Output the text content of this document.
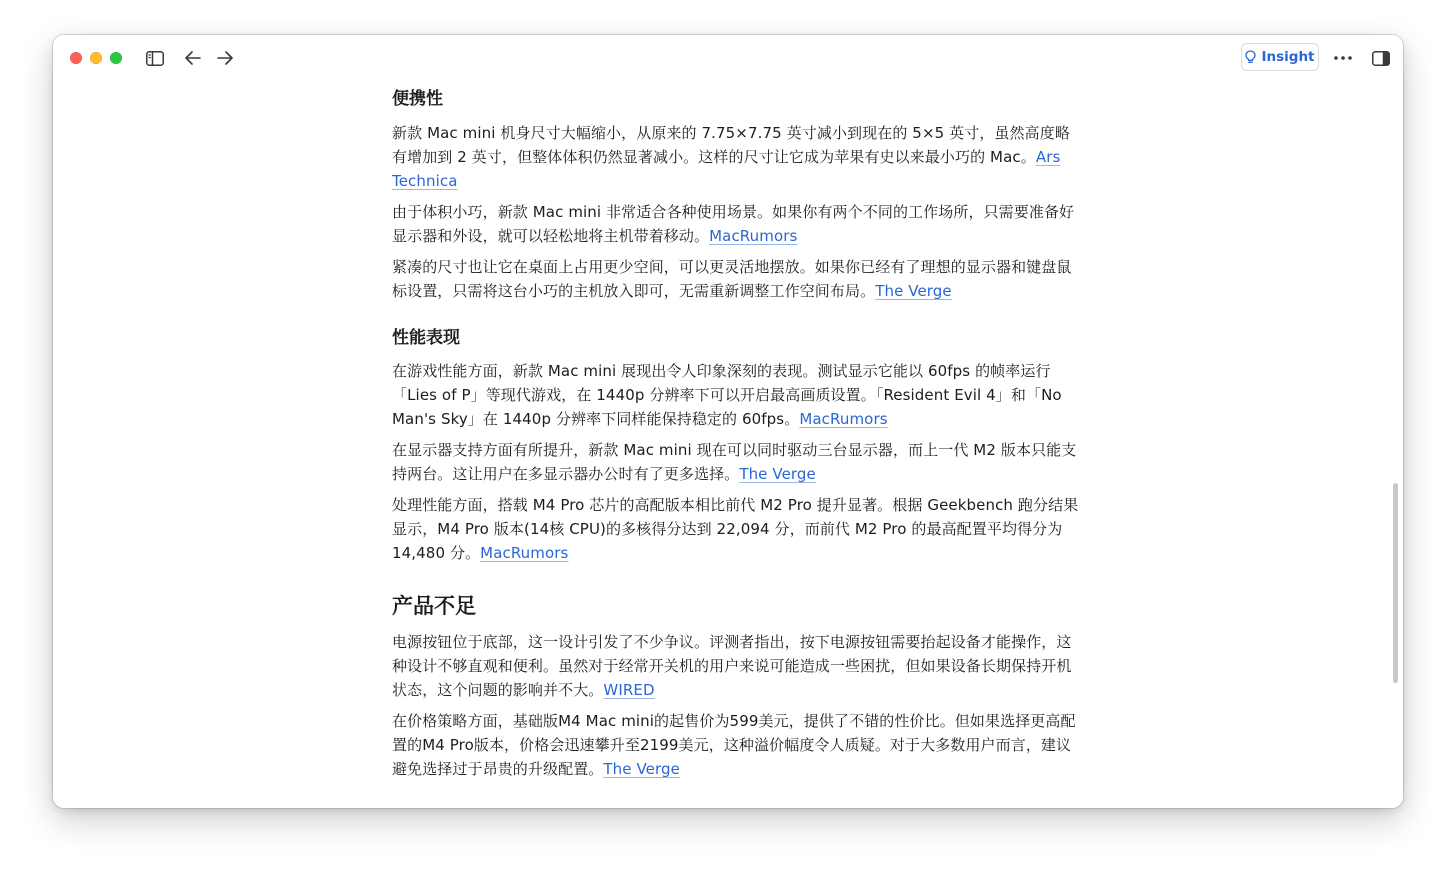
Insight
便携性

新款 Mac mini 机身尺寸大幅缩小，从原来的 7.75×7.75 英寸减小到现在的 5×5 英寸，虽然高度略有增加到 2 英寸，但整体体积仍然显著减小。这样的尺寸让它成为苹果有史以来最小巧的 Mac。Ars Technica

由于体积小巧，新款 Mac mini 非常适合各种使用场景。如果你有两个不同的工作场所，只需要准备好显示器和外设，就可以轻松地将主机带着移动。MacRumors

紧凑的尺寸也让它在桌面上占用更少空间，可以更灵活地摆放。如果你已经有了理想的显示器和键盘鼠标设置，只需将这台小巧的主机放入即可，无需重新调整工作空间布局。The Verge

性能表现

在游戏性能方面，新款 Mac mini 展现出令人印象深刻的表现。测试显示它能以 60fps 的帧率运行「Lies of P」等现代游戏，在 1440p 分辨率下可以开启最高画质设置。「Resident Evil 4」和「No Man's Sky」在 1440p 分辨率下同样能保持稳定的 60fps。MacRumors

在显示器支持方面有所提升，新款 Mac mini 现在可以同时驱动三台显示器，而上一代 M2 版本只能支持两台。这让用户在多显示器办公时有了更多选择。The Verge

处理性能方面，搭载 M4 Pro 芯片的高配版本相比前代 M2 Pro 提升显著。根据 Geekbench 跑分结果显示，M4 Pro 版本(14核 CPU)的多核得分达到 22,094 分，而前代 M2 Pro 的最高配置平均得分为 14,480 分。MacRumors

产品不足

电源按钮位于底部，这一设计引发了不少争议。评测者指出，按下电源按钮需要抬起设备才能操作，这种设计不够直观和便利。虽然对于经常开关机的用户来说可能造成一些困扰，但如果设备长期保持开机状态，这个问题的影响并不大。WIRED

在价格策略方面，基础版M4 Mac mini的起售价为599美元，提供了不错的性价比。但如果选择更高配置的M4 Pro版本，价格会迅速攀升至2199美元，这种溢价幅度令人质疑。对于大多数用户而言，建议避免选择过于昂贵的升级配置。The Verge
